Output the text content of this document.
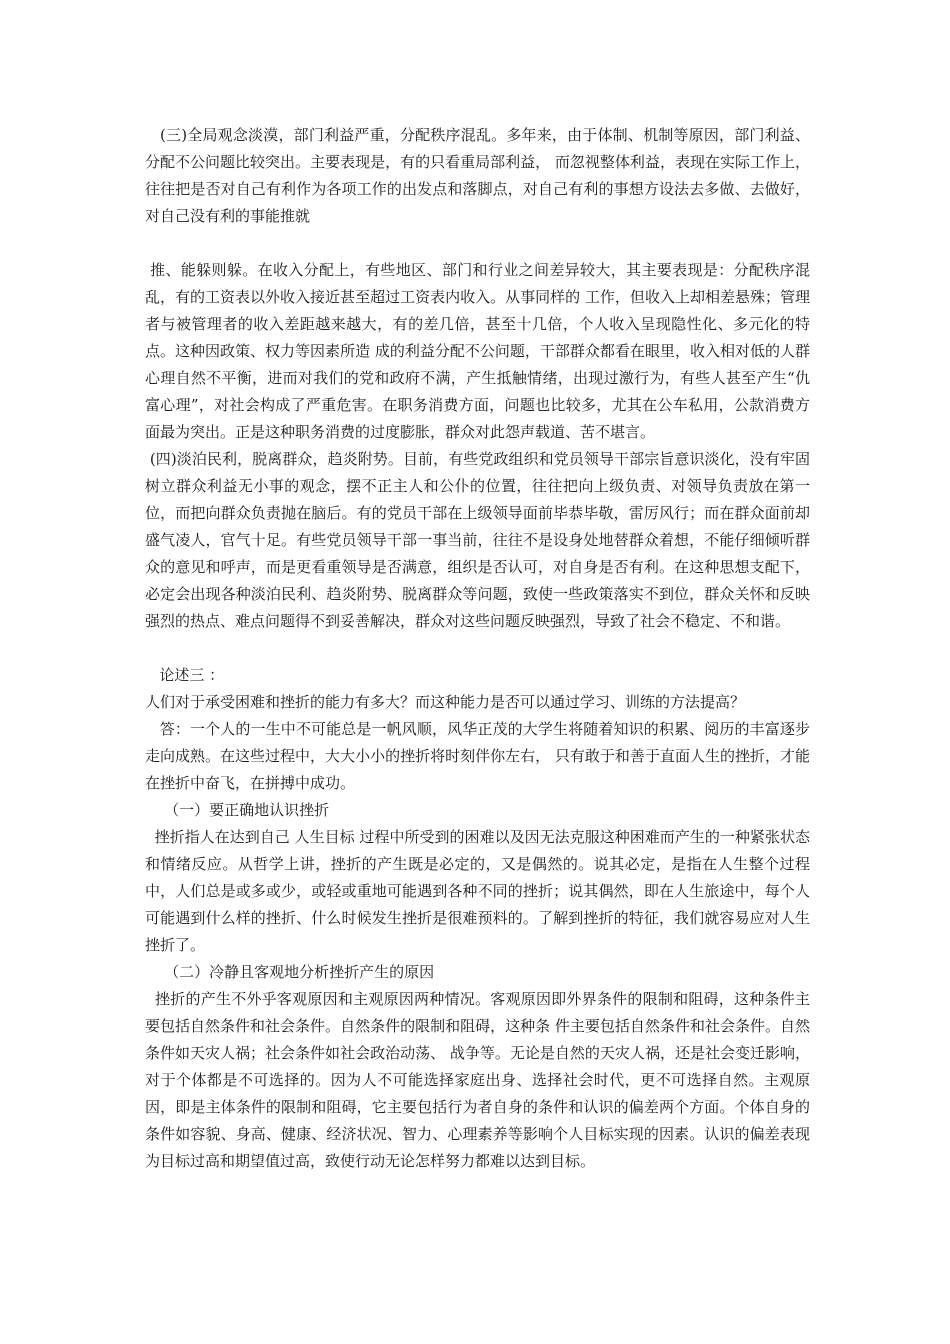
(三)全局观念淡漠，部门利益严重，分配秩序混乱。多年来，由于体制、机制等原因，部门利益、分配不公问题比较突出。主要表现是，有的只看重局部利益， 而忽视整体利益，表现在实际工作上，往往把是否对自己有利作为各项工作的出发点和落脚点，对自己有利的事想方设法去多做、去做好，对自己没有利的事能推就

推、能躲则躲。在收入分配上，有些地区、部门和行业之间差异较大，其主要表现是：分配秩序混乱，有的工资表以外收入接近甚至超过工资表内收入。从事同样的 工作，但收入上却相差悬殊；管理者与被管理者的收入差距越来越大，有的差几倍，甚至十几倍，个人收入呈现隐性化、多元化的特点。这种因政策、权力等因素所造 成的利益分配不公问题，干部群众都看在眼里，收入相对低的人群心理自然不平衡，进而对我们的党和政府不满，产生抵触情绪，出现过激行为，有些人甚至产生“仇 富心理”，对社会构成了严重危害。在职务消费方面，问题也比较多，尤其在公车私用，公款消费方面最为突出。正是这种职务消费的过度膨胀，群众对此怨声载道、苦不堪言。

(四)淡泊民利，脱离群众，趋炎附势。目前，有些党政组织和党员领导干部宗旨意识淡化，没有牢固树立群众利益无小事的观念，摆不正主人和公仆的位置，往往把向上级负责、对领导负责放在第一位，而把向群众负责抛在脑后。有的党员干部在上级领导面前毕恭毕敬，雷厉风行；而在群众面前却盛气凌人，官气十足。有些党员领导干部一事当前，往往不是设身处地替群众着想，不能仔细倾听群众的意见和呼声，而是更看重领导是否满意，组织是否认可，对自身是否有利。在这种思想支配下，必定会出现各种淡泊民利、趋炎附势、脱离群众等问题，致使一些政策落实不到位，群众关怀和反映强烈的热点、难点问题得不到妥善解决，群众对这些问题反映强烈，导致了社会不稳定、不和谐。

论述三 ：

人们对于承受困难和挫折的能力有多大？而这种能力是否可以通过学习、训练的方法提高？

答：一个人的一生中不可能总是一帆风顺，风华正茂的大学生将随着知识的积累、阅历的丰富逐步走向成熟。在这些过程中，大大小小的挫折将时刻伴你左右， 只有敢于和善于直面人生的挫折，才能在挫折中奋飞，在拼搏中成功。

（一）要正确地认识挫折

挫折指人在达到自己 人生目标 过程中所受到的困难以及因无法克服这种困难而产生的一种紧张状态和情绪反应。从哲学上讲，挫折的产生既是必定的，又是偶然的。说其必定，是指在人生整个过程中，人们总是或多或少，或轻或重地可能遇到各种不同的挫折；说其偶然，即在人生旅途中，每个人可能遇到什么样的挫折、什么时候发生挫折是很难预料的。了解到挫折的特征，我们就容易应对人生挫折了。

（二）冷静且客观地分析挫折产生的原因

挫折的产生不外乎客观原因和主观原因两种情况。客观原因即外界条件的限制和阻碍，这种条件主要包括自然条件和社会条件。自然条件的限制和阻碍，这种条 件主要包括自然条件和社会条件。自然条件如天灾人祸；社会条件如社会政治动荡、 战争等。无论是自然的天灾人祸，还是社会变迁影响，对于个体都是不可选择的。因为人不可能选择家庭出身、选择社会时代，更不可选择自然。主观原因，即是主体条件的限制和阻碍，它主要包括行为者自身的条件和认识的偏差两个方面。个体自身的条件如容貌、身高、健康、经济状况、智力、心理素养等影响个人目标实现的因素。认识的偏差表现为目标过高和期望值过高，致使行动无论怎样努力都难以达到目标。
